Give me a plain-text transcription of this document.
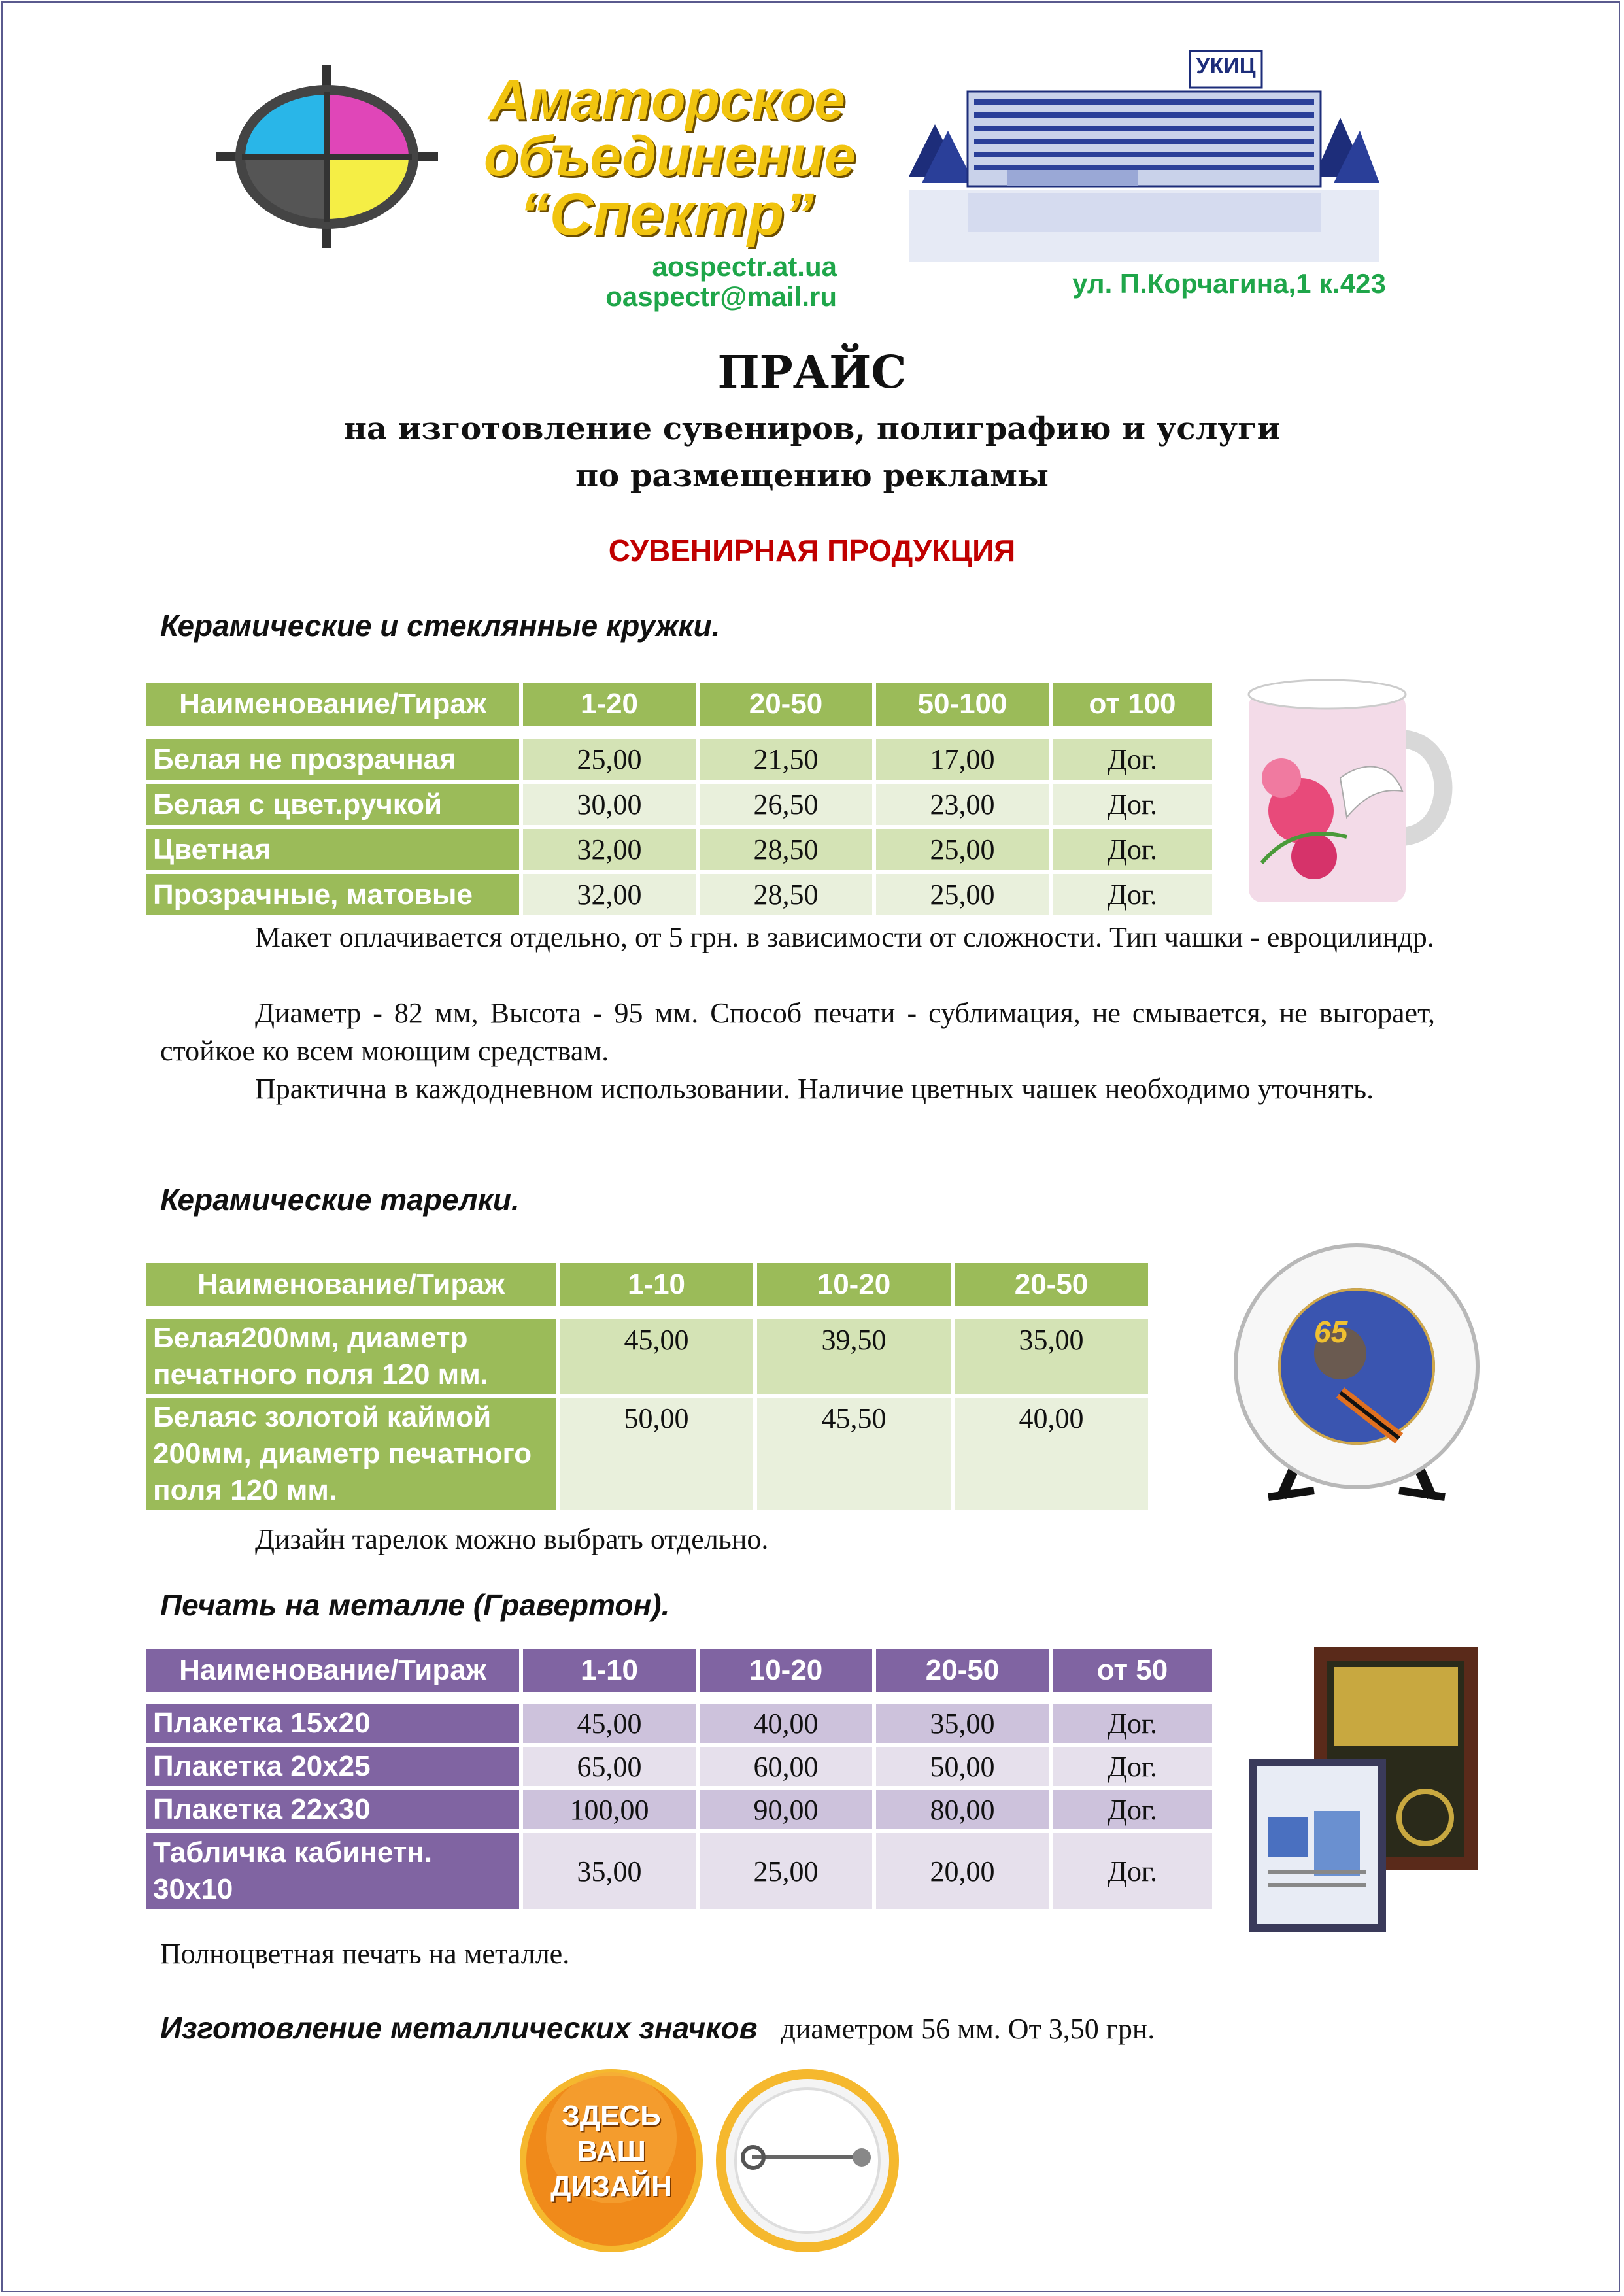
Аматорское
объединение
“Спектр”
aospectr.at.ua
oaspectr@mail.ru
УКИЦ
ул. П.Корчагина,1 к.423
ПРАЙС
на изготовление сувениров, полиграфию и услуги
по размещению рекламы
СУВЕНИРНАЯ ПРОДУКЦИЯ
Керамические и стеклянные кружки.
Наименование/Тираж	1-20	20-50	50-100	от 100

Белая не прозрачная	25,00	21,50	17,00	Дог.
Белая с цвет.ручкой	30,00	26,50	23,00	Дог.
Цветная	32,00	28,50	25,00	Дог.
Прозрачные, матовые	32,00	28,50	25,00	Дог.
Макет оплачивается отдельно, от 5 грн. в зависимости от сложности. Тип чашки - евроцилиндр.
Диаметр - 82 мм, Высота - 95 мм. Способ печати - сублимация, не смывается, не выгорает, стойкое ко всем моющим средствам.
Практична в каждодневном использовании. Наличие цветных чашек необходимо уточнять.
Керамические тарелки.
Наименование/Тираж	1-10	10-20	20-50

Белая200мм, диаметр печатного поля 120 мм.	45,00	39,50	35,00
Белаяс золотой каймой 200мм, диаметр печатного поля 120 мм.	50,00	45,50	40,00
65
Дизайн тарелок можно выбрать отдельно.
Печать на металле (Гравертон).
Наименование/Тираж	1-10	10-20	20-50	от 50

Плакетка 15х20	45,00	40,00	35,00	Дог.
Плакетка 20х25	65,00	60,00	50,00	Дог.
Плакетка 22х30	100,00	90,00	80,00	Дог.
Табличка кабинетн. 30х10	35,00	25,00	20,00	Дог.
Полноцветная печать на металле.
Изготовление металлических значков диаметром 56 мм. От 3,50 грн.
ЗДЕСЬ
ВАШ
ДИЗАЙН
